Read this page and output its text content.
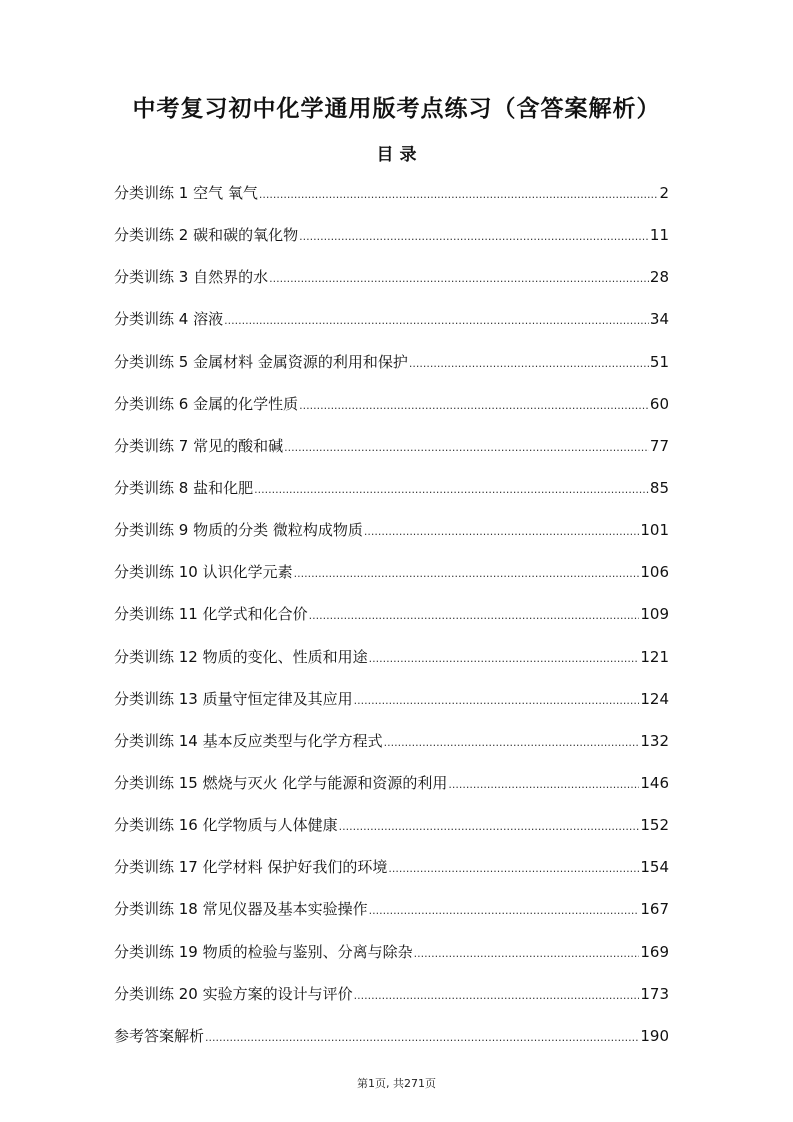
中考复习初中化学通用版考点练习（含答案解析）
目 录
分类训练 1 空气 氧气 .....	2
分类训练 2 碳和碳的氧化物 .....	11
分类训练 3 自然界的水 .....	28
分类训练 4 溶液 .....	34
分类训练 5 金属材料 金属资源的利用和保护 .....	51
分类训练 6 金属的化学性质 .....	60
分类训练 7 常见的酸和碱 .....	77
分类训练 8 盐和化肥 .....	85
分类训练 9 物质的分类 微粒构成物质 .....	101
分类训练 10 认识化学元素 .....	106
分类训练 11 化学式和化合价 .....	109
分类训练 12 物质的变化、性质和用途 .....	121
分类训练 13 质量守恒定律及其应用 .....	124
分类训练 14 基本反应类型与化学方程式 .....	132
分类训练 15 燃烧与灭火 化学与能源和资源的利用 .....	146
分类训练 16 化学物质与人体健康 .....	152
分类训练 17 化学材料 保护好我们的环境 .....	154
分类训练 18 常见仪器及基本实验操作 .....	167
分类训练 19 物质的检验与鉴别、分离与除杂 .....	169
分类训练 20 实验方案的设计与评价 .....	173
参考答案解析 .....	190
第1页, 共271页
